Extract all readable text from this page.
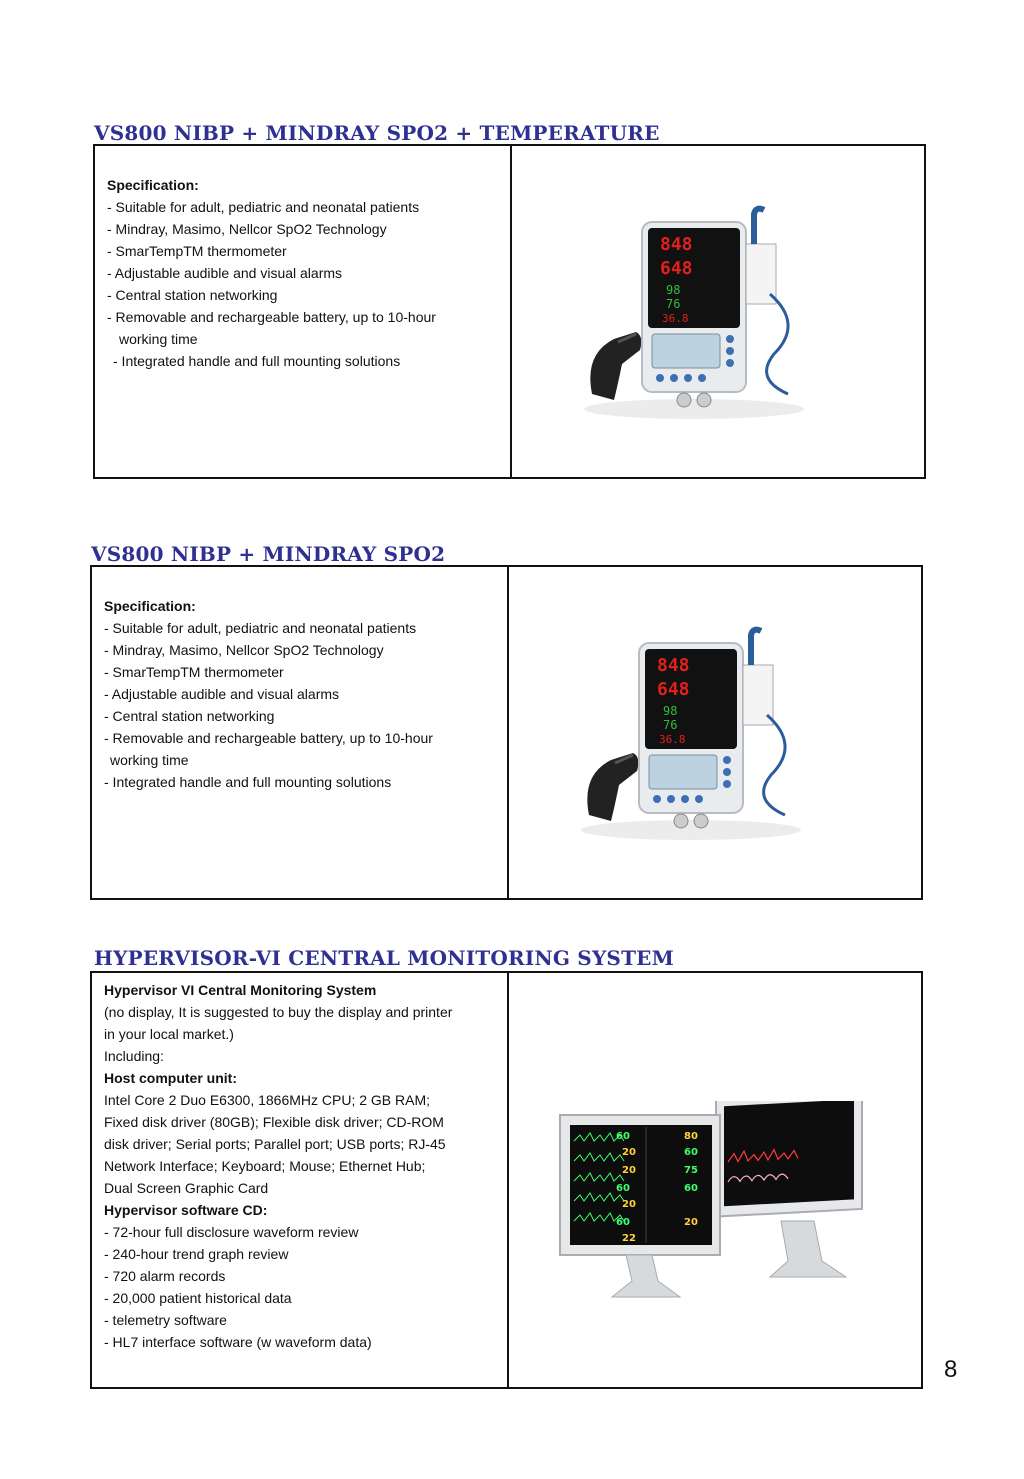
VS800 NIBP + MINDRAY SPO2 + TEMPERATURE
Specification:
- Suitable for adult, pediatric and neonatal patients
- Mindray, Masimo, Nellcor SpO2 Technology
- SmarTempTM thermometer
- Adjustable audible and visual alarms
- Central station networking
- Removable and rechargeable battery, up to 10-hour
working time
- Integrated handle and full mounting solutions
848
648
98
76
36.8
VS800 NIBP + MINDRAY SPO2
Specification:
- Suitable for adult, pediatric and neonatal patients
- Mindray, Masimo, Nellcor SpO2 Technology
- SmarTempTM thermometer
- Adjustable audible and visual alarms
- Central station networking
- Removable and rechargeable battery, up to 10-hour
working time
- Integrated handle and full mounting solutions
848
648
98
76
36.8
HYPERVISOR-VI CENTRAL MONITORING SYSTEM
Hypervisor VI Central Monitoring System
(no display, It is suggested to buy the display and printer
in your local market.)
Including:
Host computer unit:
Intel Core 2 Duo E6300, 1866MHz CPU; 2 GB RAM;
Fixed disk driver (80GB); Flexible disk driver; CD-ROM
disk driver; Serial ports; Parallel port; USB ports; RJ-45
Network Interface; Keyboard; Mouse; Ethernet Hub;
Dual Screen Graphic Card
Hypervisor software CD:
- 72-hour full disclosure waveform review
- 240-hour trend graph review
- 720 alarm records
- 20,000 patient historical data
- telemetry software
- HL7 interface software (w waveform data)
60	80
20	60
20
60
75
60
20
60	20
22
8
